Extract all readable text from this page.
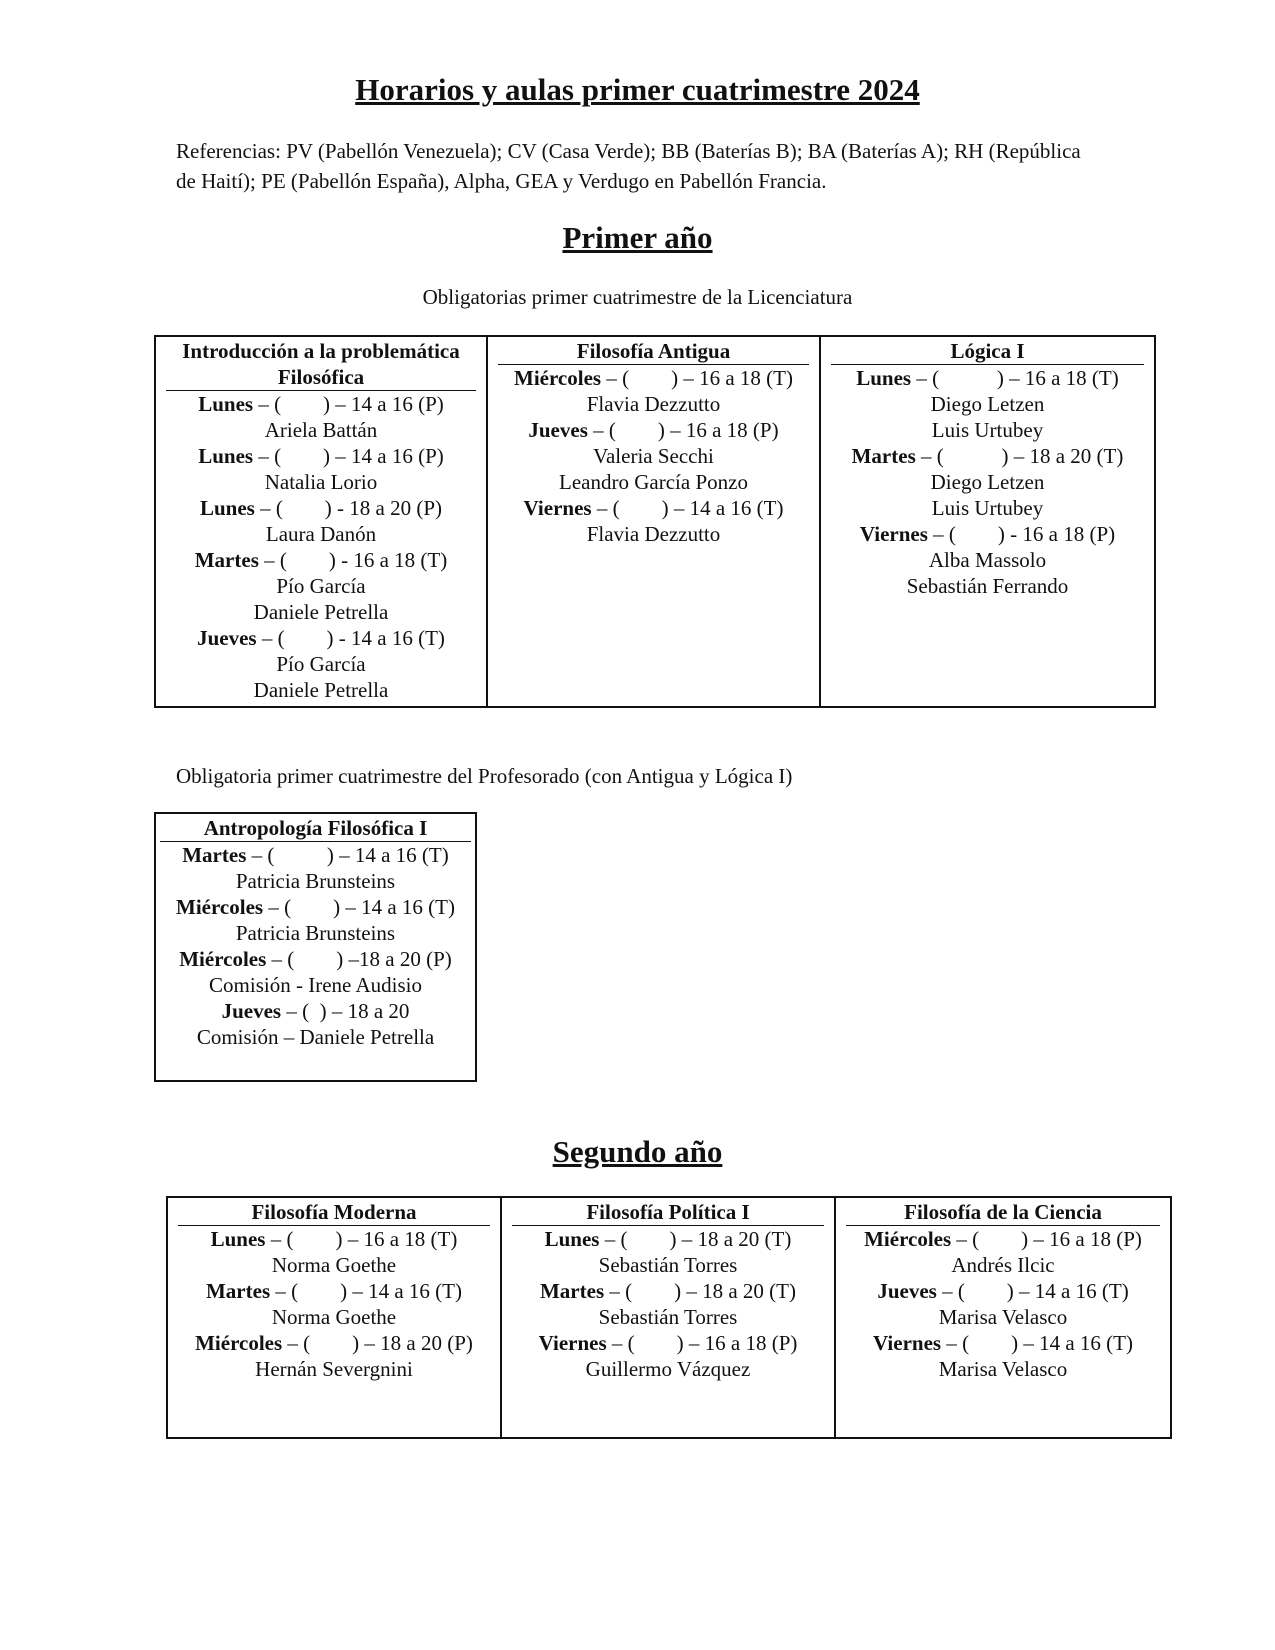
Horarios y aulas primer cuatrimestre 2024

Referencias: PV (Pabellón Venezuela); CV (Casa Verde); BB (Baterías B); BA (Baterías A); RH (República de Haití); PE (Pabellón España), Alpha, GEA y Verdugo en Pabellón Francia.

Primer año

Obligatorias primer cuatrimestre de la Licenciatura

Introducción a la problemática Filosófica
Lunes – (        ) – 14 a 16 (P)
Ariela Battán
Lunes – (        ) – 14 a 16 (P)
Natalia Lorio
Lunes – (        ) - 18 a 20 (P)
Laura Danón
Martes – (        ) - 16 a 18 (T)
Pío García
Daniele Petrella
Jueves – (        ) - 14 a 16 (T)
Pío García
Daniele Petrella

Filosofía Antigua
Miércoles – (        ) – 16 a 18 (T)
Flavia Dezzutto
Jueves – (        ) – 16 a 18 (P)
Valeria Secchi
Leandro García Ponzo
Viernes – (        ) – 14 a 16 (T)
Flavia Dezzutto

Lógica I
Lunes – (           ) – 16 a 18 (T)
Diego Letzen
Luis Urtubey
Martes – (           ) – 18 a 20 (T)
Diego Letzen
Luis Urtubey
Viernes – (        ) - 16 a 18 (P)
Alba Massolo
Sebastián Ferrando

Obligatoria primer cuatrimestre del Profesorado (con Antigua y Lógica I)

Antropología Filosófica I
Martes – (          ) – 14 a 16 (T)
Patricia Brunsteins
Miércoles – (        ) – 14 a 16 (T) Patricia Brunsteins
Miércoles – (        ) –18 a 20 (P)
Comisión - Irene Audisio
Jueves – (  ) – 18 a 20
Comisión – Daniele Petrella
Segundo año
Filosofía Moderna
Lunes – (        ) – 16 a 18 (T)
Norma Goethe
Martes – (        ) – 14 a 16 (T)
Norma Goethe
Miércoles – (        ) – 18 a 20 (P)
Hernán Severgnini

Filosofía Política I
Lunes – (        ) – 18 a 20 (T)
Sebastián Torres
Martes – (        ) – 18 a 20 (T)
Sebastián Torres
Viernes – (        ) – 16 a 18 (P)
Guillermo Vázquez

Filosofía de la Ciencia
Miércoles – (        ) – 16 a 18 (P)
Andrés Ilcic
Jueves – (        ) – 14 a 16 (T)
Marisa Velasco
Viernes – (        ) – 14 a 16 (T)
Marisa Velasco
